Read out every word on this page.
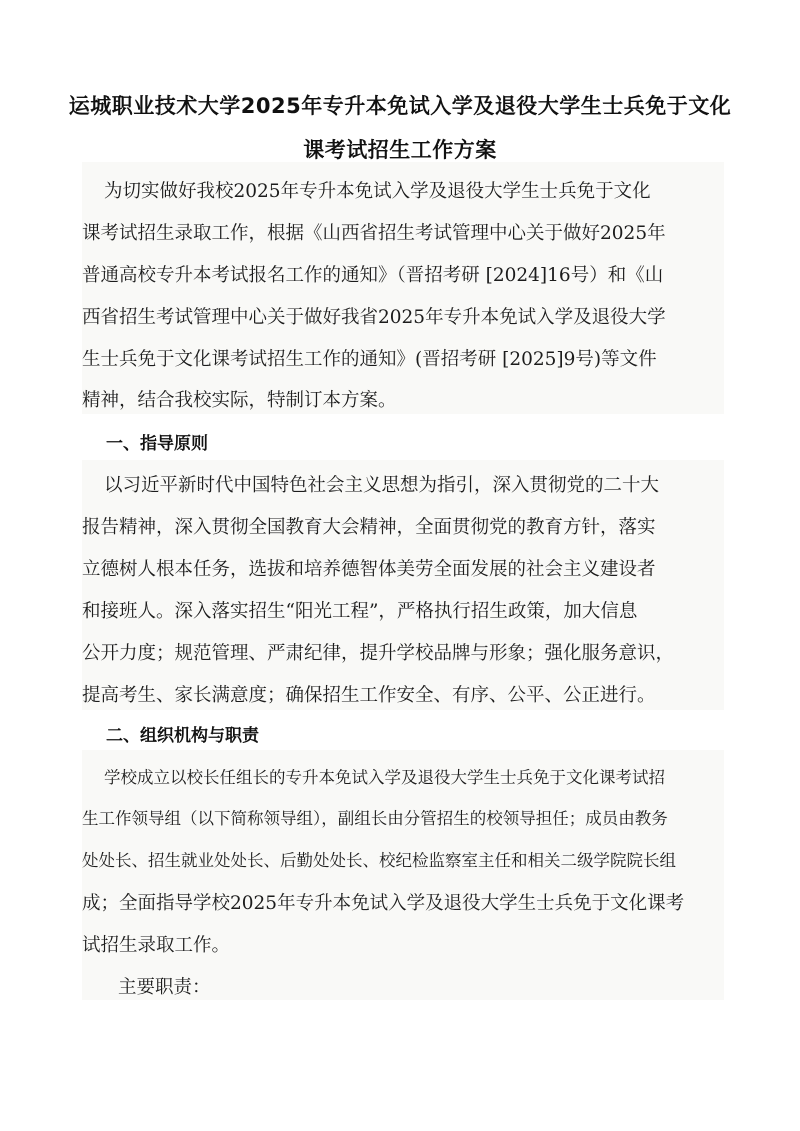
运城职业技术大学2025年专升本免试入学及退役大学生士兵免于文化
课考试招生工作方案
为切实做好我校2025年专升本免试入学及退役大学生士兵免于文化
课考试招生录取工作，根据《山西省招生考试管理中心关于做好2025年
普通高校专升本考试报名工作的通知》（晋招考研 [2024]16号）和《山
西省招生考试管理中心关于做好我省2025年专升本免试入学及退役大学
生士兵免于文化课考试招生工作的通知》(晋招考研 [2025]9号)等文件
精神，结合我校实际，特制订本方案。
一、指导原则
以习近平新时代中国特色社会主义思想为指引，深入贯彻党的二十大
报告精神，深入贯彻全国教育大会精神，全面贯彻党的教育方针，落实
立德树人根本任务，选拔和培养德智体美劳全面发展的社会主义建设者
和接班人。深入落实招生“阳光工程”，严格执行招生政策，加大信息
公开力度；规范管理、严肃纪律，提升学校品牌与形象；强化服务意识，
提高考生、家长满意度；确保招生工作安全、有序、公平、公正进行。
二、组织机构与职责
学校成立以校长任组长的专升本免试入学及退役大学生士兵免于文化课考试招
生工作领导组（以下简称领导组），副组长由分管招生的校领导担任；成员由教务
处处长、招生就业处处长、后勤处处长、校纪检监察室主任和相关二级学院院长组
成；全面指导学校2025年专升本免试入学及退役大学生士兵免于文化课考
试招生录取工作。
主要职责：
